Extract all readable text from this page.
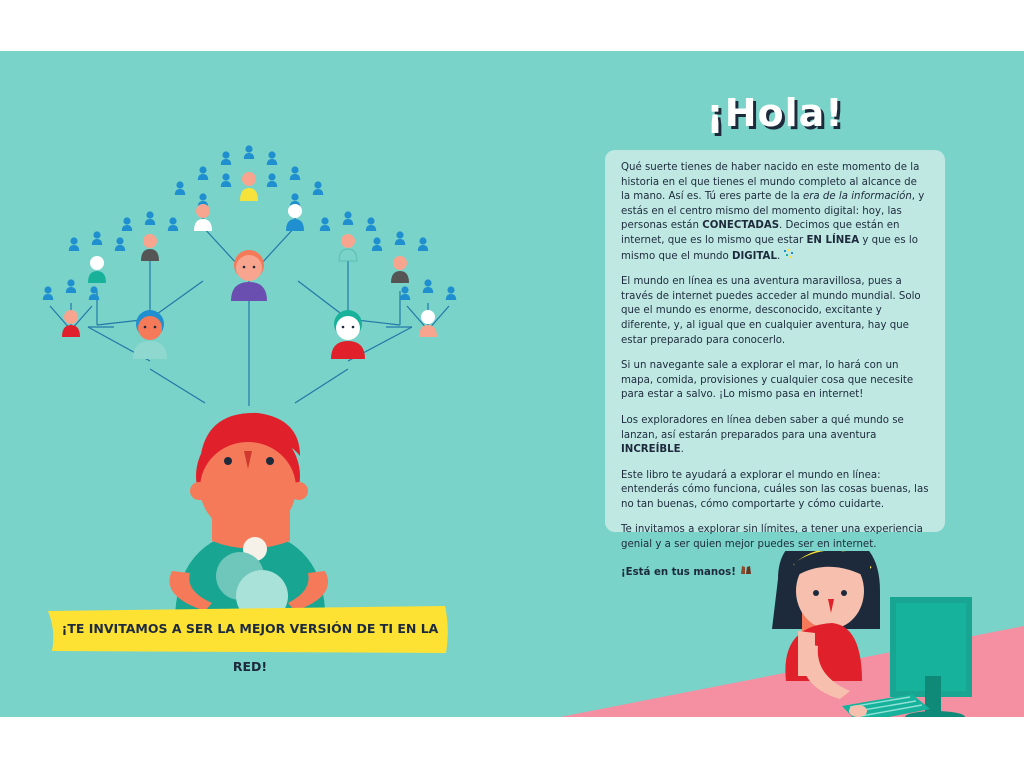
¡Hola!

Qué suerte tienes de haber nacido en este momento de la historia en el que tienes el mundo completo al alcance de la mano. Así es. Tú eres parte de la era de la información, y estás en el centro mismo del momento digital: hoy, las personas están CONECTADAS. Decimos que están en internet, que es lo mismo que estar EN LÍNEA y que es lo mismo que el mundo DIGITAL.

El mundo en línea es una aventura maravillosa, pues a través de internet puedes acceder al mundo mundial. Solo que el mundo es enorme, desconocido, excitante y diferente, y, al igual que en cualquier aventura, hay que estar preparado para conocerlo.

Si un navegante sale a explorar el mar, lo hará con un mapa, comida, provisiones y cualquier cosa que necesite para estar a salvo. ¡Lo mismo pasa en internet!

Los exploradores en línea deben saber a qué mundo se lanzan, así estarán preparados para una aventura INCREÍBLE.

Este libro te ayudará a explorar el mundo en línea: entenderás cómo funciona, cuáles son las cosas buenas, las no tan buenas, cómo comportarte y cómo cuidarte.

Te invitamos a explorar sin límites, a tener una experiencia genial y a ser quien mejor puedes ser en internet.

¡Está en tus manos!

¡TE INVITAMOS A SER LA MEJOR VERSIÓN DE TI EN LA RED!
